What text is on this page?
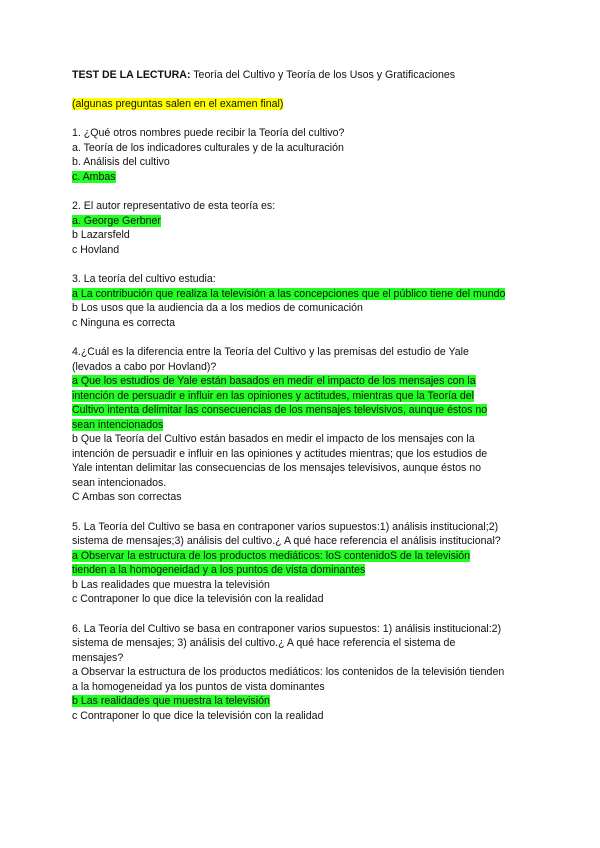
TEST DE LA LECTURA: Teoría del Cultivo y Teoría de los Usos y Gratificaciones
(algunas preguntas salen en el examen final)
1. ¿Qué otros nombres puede recibir la Teoría del cultivo?
a. Teoría de los indicadores culturales y de la aculturación
b. Análisis del cultivo
c. Ambas
2. El autor representativo de esta teoría es:
a. George Gerbner
b Lazarsfeld
c Hovland
3. La teoría del cultivo estudia:
a La contribución que realiza la televisión a las concepciones que el público tiene del mundo
b Los usos que la audiencia da a los medios de comunicación
c Ninguna es correcta
4.¿Cuál es la diferencia entre la Teoría del Cultivo y las premisas del estudio de Yale
(levados a cabo por Hovland)?
a Que los estudios de Yale están basados en medir el impacto de los mensajes con la
intención de persuadir e influir en las opiniones y actitudes, mientras que la Teoría del
Cultivo intenta delimitar las consecuencias de los mensajes televisivos, aunque éstos no
sean intencionados
b Que la Teoría del Cultivo están basados en medir el impacto de los mensajes con la
intención de persuadir e influir en las opiniones y actitudes mientras; que los estudios de
Yale intentan delimitar las consecuencias de los mensajes televisivos, aunque éstos no
sean intencionados.
C Ambas son correctas
5. La Teoría del Cultivo se basa en contraponer varios supuestos:1) análisis institucional;2)
sistema de mensajes;3) análisis del cultivo.¿ A qué hace referencia el análisis institucional?
a Observar la estructura de los productos mediáticos: loS contenidoS de la televisión
tienden a la homogeneidad y a los puntos de vista dominantes
b Las realidades que muestra la televisión
c Contraponer lo que dice la televisión con la realidad
6. La Teoría del Cultivo se basa en contraponer varios supuestos: 1) análisis institucional:2)
sistema de mensajes; 3) análisis del cultivo.¿ A qué hace referencia el sistema de
mensajes?
a Observar la estructura de los productos mediáticos: los contenidos de la televisión tienden
a la homogeneidad ya los puntos de vista dominantes
b Las realidades que muestra la televisión
c Contraponer lo que dice la televisión con la realidad
